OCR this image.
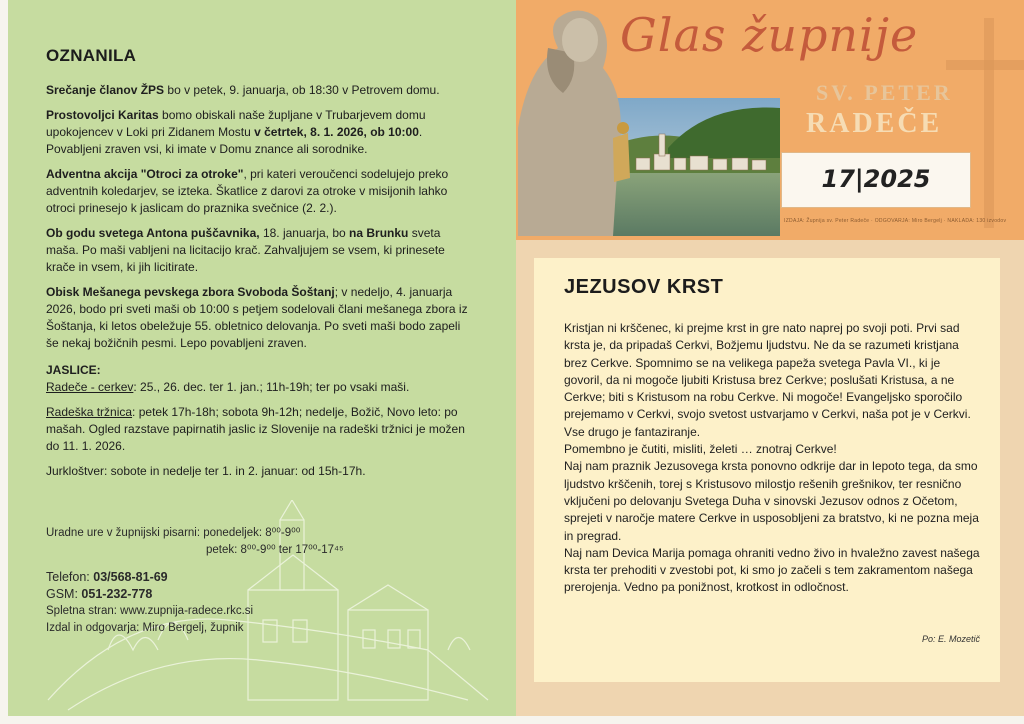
OZNANILA

Srečanje članov ŽPS bo v petek, 9. januarja, ob 18:30 v Petrovem domu.

Prostovoljci Karitas bomo obiskali naše župljane v Trubarjevem domu upokojencev v Loki pri Zidanem Mostu v četrtek, 8. 1. 2026, ob 10:00. Povabljeni zraven vsi, ki imate v Domu znance ali sorodnike.

Adventna akcija "Otroci za otroke", pri kateri veroučenci sodelujejo preko adventnih koledarjev, se izteka. Škatlice z darovi za otroke v misijonih lahko otroci prinesejo k jaslicam do praznika svečnice (2. 2.).

Ob godu svetega Antona puščavnika, 18. januarja, bo na Brunku sveta maša. Po maši vabljeni na licitacijo krač. Zahvaljujem se vsem, ki prinesete krače in vsem, ki jih licitirate.

Obisk Mešanega pevskega zbora Svoboda Šoštanj; v nedeljo, 4. januarja 2026, bodo pri sveti maši ob 10:00 s petjem sodelovali člani mešanega zbora iz Šoštanja, ki letos obeležuje 55. obletnico delovanja. Po sveti maši bodo zapeli še nekaj božičnih pesmi. Lepo povabljeni zraven.

JASLICE:

Radeče - cerkev: 25., 26. dec. ter 1. jan.; 11h-19h; ter po vsaki maši.

Radeška tržnica: petek 17h-18h; sobota 9h-12h; nedelje, Božič, Novo leto: po mašah. Ogled razstave papirnatih jaslic iz Slovenije na radeški tržnici je možen do 11. 1. 2026.

Jurkloštver: sobote in nedelje ter 1. in 2. januar: od 15h-17h.

Uradne ure v župnijski pisarni: ponedeljek: 8⁰⁰-9⁰⁰
petek: 8⁰⁰-9⁰⁰ ter 17⁰⁰-17⁴⁵
Telefon: 03/568-81-69
GSM: 051-232-778
Spletna stran: www.zupnija-radece.rkc.si
Izdal in odgovarja: Miro Bergelj, župnik
Glas župnije
SV. PETER
RADEČE
17|2025
IZDAJA: Župnija sv. Peter Radeče · ODGOVARJA: Miro Bergelj · NAKLADA: 130 izvodov
JEZUSOV KRST

Kristjan ni krščenec, ki prejme krst in gre nato naprej po svoji poti. Prvi sad krsta je, da pripadaš Cerkvi, Božjemu ljudstvu. Ne da se razumeti kristjana brez Cerkve. Spomnimo se na velikega papeža svetega Pavla VI., ki je govoril, da ni mogoče ljubiti Kristusa brez Cerkve; poslušati Kristusa, a ne Cerkve; biti s Kristusom na robu Cerkve. Ni mogoče! Evangeljsko sporočilo prejemamo v Cerkvi, svojo svetost ustvarjamo v Cerkvi, naša pot je v Cerkvi. Vse drugo je fantaziranje.

Pomembno je čutiti, misliti, želeti … znotraj Cerkve!

Naj nam praznik Jezusovega krsta ponovno odkrije dar in lepoto tega, da smo ljudstvo krščenih, torej s Kristusovo milostjo rešenih grešnikov, ter resnično vključeni po delovanju Svetega Duha v sinovski Jezusov odnos z Očetom, sprejeti v naročje matere Cerkve in usposobljeni za bratstvo, ki ne pozna meja in pregrad.

Naj nam Devica Marija pomaga ohraniti vedno živo in hvaležno zavest našega krsta ter prehoditi v zvestobi pot, ki smo jo začeli s tem zakramentom našega prerojenja. Vedno pa ponižnost, krotkost in odločnost.

Po: E. Mozetič
